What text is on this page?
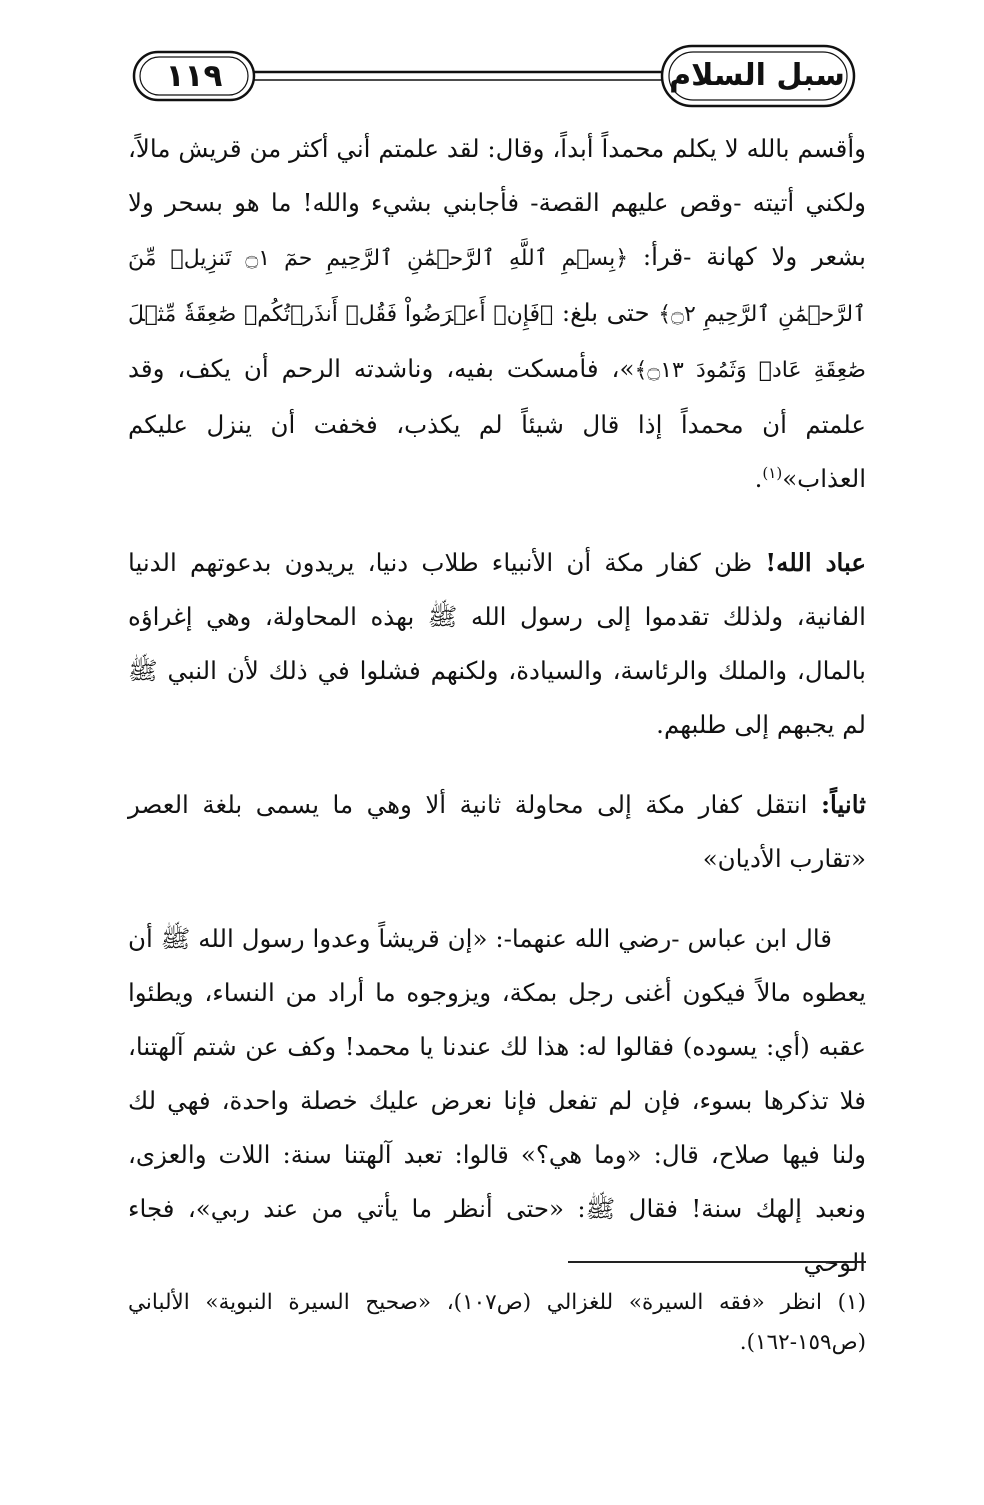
١١٩	سبل السلام

وأقسم بالله لا يكلم محمداً أبداً، وقال: لقد علمتم أني أكثر من قريش مالاً، ولكني أتيته -وقص عليهم القصة- فأجابني بشيء والله! ما هو بسحر ولا بشعر ولا كهانة -قرأ: ﴿بِسۡمِ ٱللَّهِ ٱلرَّحۡمَٰنِ ٱلرَّحِيمِ حمٓ ۝١ تَنزِيلٞ مِّنَ ٱلرَّحۡمَٰنِ ٱلرَّحِيمِ ۝٢﴾ حتى بلغ: ﴿فَإِنۡ أَعۡرَضُواْ فَقُلۡ أَنذَرۡتُكُمۡ صَٰعِقَةٗ مِّثۡلَ صَٰعِقَةِ عَادٖ وَثَمُودَ ۝١٣﴾»، فأمسكت بفيه، وناشدته الرحم أن يكف، وقد علمتم أن محمداً إذا قال شيئاً لم يكذب، فخفت أن ينزل عليكم العذاب»$^{(١)}$.

عباد الله! ظن كفار مكة أن الأنبياء طلاب دنيا، يريدون بدعوتهم الدنيا الفانية، ولذلك تقدموا إلى رسول الله ﷺ بهذه المحاولة، وهي إغراؤه بالمال، والملك والرئاسة، والسيادة، ولكنهم فشلوا في ذلك لأن النبي ﷺ لم يجبهم إلى طلبهم.

ثانياً: انتقل كفار مكة إلى محاولة ثانية ألا وهي ما يسمى بلغة العصر «تقارب الأديان»

قال ابن عباس -رضي الله عنهما-: «إن قريشاً وعدوا رسول الله ﷺ أن يعطوه مالاً فيكون أغنى رجل بمكة، ويزوجوه ما أراد من النساء، ويطئوا عقبه (أي: يسوده) فقالوا له: هذا لك عندنا يا محمد! وكف عن شتم آلهتنا، فلا تذكرها بسوء، فإن لم تفعل فإنا نعرض عليك خصلة واحدة، فهي لك ولنا فيها صلاح، قال: «وما هي؟» قالوا: تعبد آلهتنا سنة: اللات والعزى، ونعبد إلهك سنة! فقال ﷺ: «حتى أنظر ما يأتي من عند ربي»، فجاء الوحي

(١) انظر «فقه السيرة» للغزالي (ص١٠٧)، «صحيح السيرة النبوية» الألباني (ص١٥٩-١٦٢).
